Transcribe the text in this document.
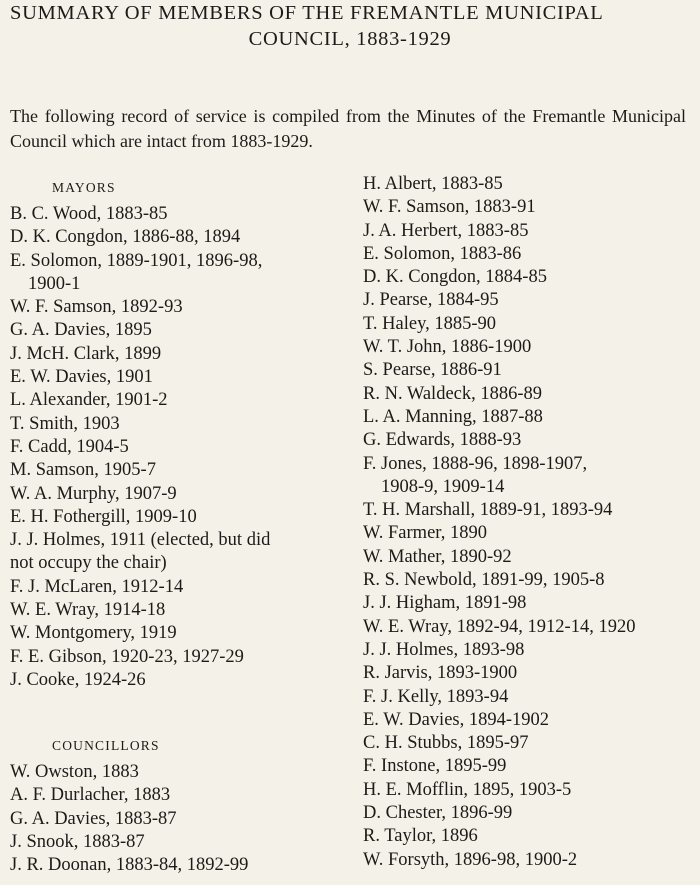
SUMMARY OF MEMBERS OF THE FREMANTLE MUNICIPAL
COUNCIL, 1883-1929

The following record of service is compiled from the Minutes of the Fremantle Municipal Council which are intact from 1883-1929.

MAYORS
B. C. Wood, 1883-85
D. K. Congdon, 1886-88, 1894
E. Solomon, 1889-1901, 1896-98,
1900-1
W. F. Samson, 1892-93
G. A. Davies, 1895
J. McH. Clark, 1899
E. W. Davies, 1901
L. Alexander, 1901-2
T. Smith, 1903
F. Cadd, 1904-5
M. Samson, 1905-7
W. A. Murphy, 1907-9
E. H. Fothergill, 1909-10
J. J. Holmes, 1911 (elected, but did
not occupy the chair)
F. J. McLaren, 1912-14
W. E. Wray, 1914-18
W. Montgomery, 1919
F. E. Gibson, 1920-23, 1927-29
J. Cooke, 1924-26
COUNCILLORS
W. Owston, 1883
A. F. Durlacher, 1883
G. A. Davies, 1883-87
J. Snook, 1883-87
J. R. Doonan, 1883-84, 1892-99
H. Albert, 1883-85
W. F. Samson, 1883-91
J. A. Herbert, 1883-85
E. Solomon, 1883-86
D. K. Congdon, 1884-85
J. Pearse, 1884-95
T. Haley, 1885-90
W. T. John, 1886-1900
S. Pearse, 1886-91
R. N. Waldeck, 1886-89
L. A. Manning, 1887-88
G. Edwards, 1888-93
F. Jones, 1888-96, 1898-1907,
1908-9, 1909-14
T. H. Marshall, 1889-91, 1893-94
W. Farmer, 1890
W. Mather, 1890-92
R. S. Newbold, 1891-99, 1905-8
J. J. Higham, 1891-98
W. E. Wray, 1892-94, 1912-14, 1920
J. J. Holmes, 1893-98
R. Jarvis, 1893-1900
F. J. Kelly, 1893-94
E. W. Davies, 1894-1902
C. H. Stubbs, 1895-97
F. Instone, 1895-99
H. E. Mofflin, 1895, 1903-5
D. Chester, 1896-99
R. Taylor, 1896
W. Forsyth, 1896-98, 1900-2
